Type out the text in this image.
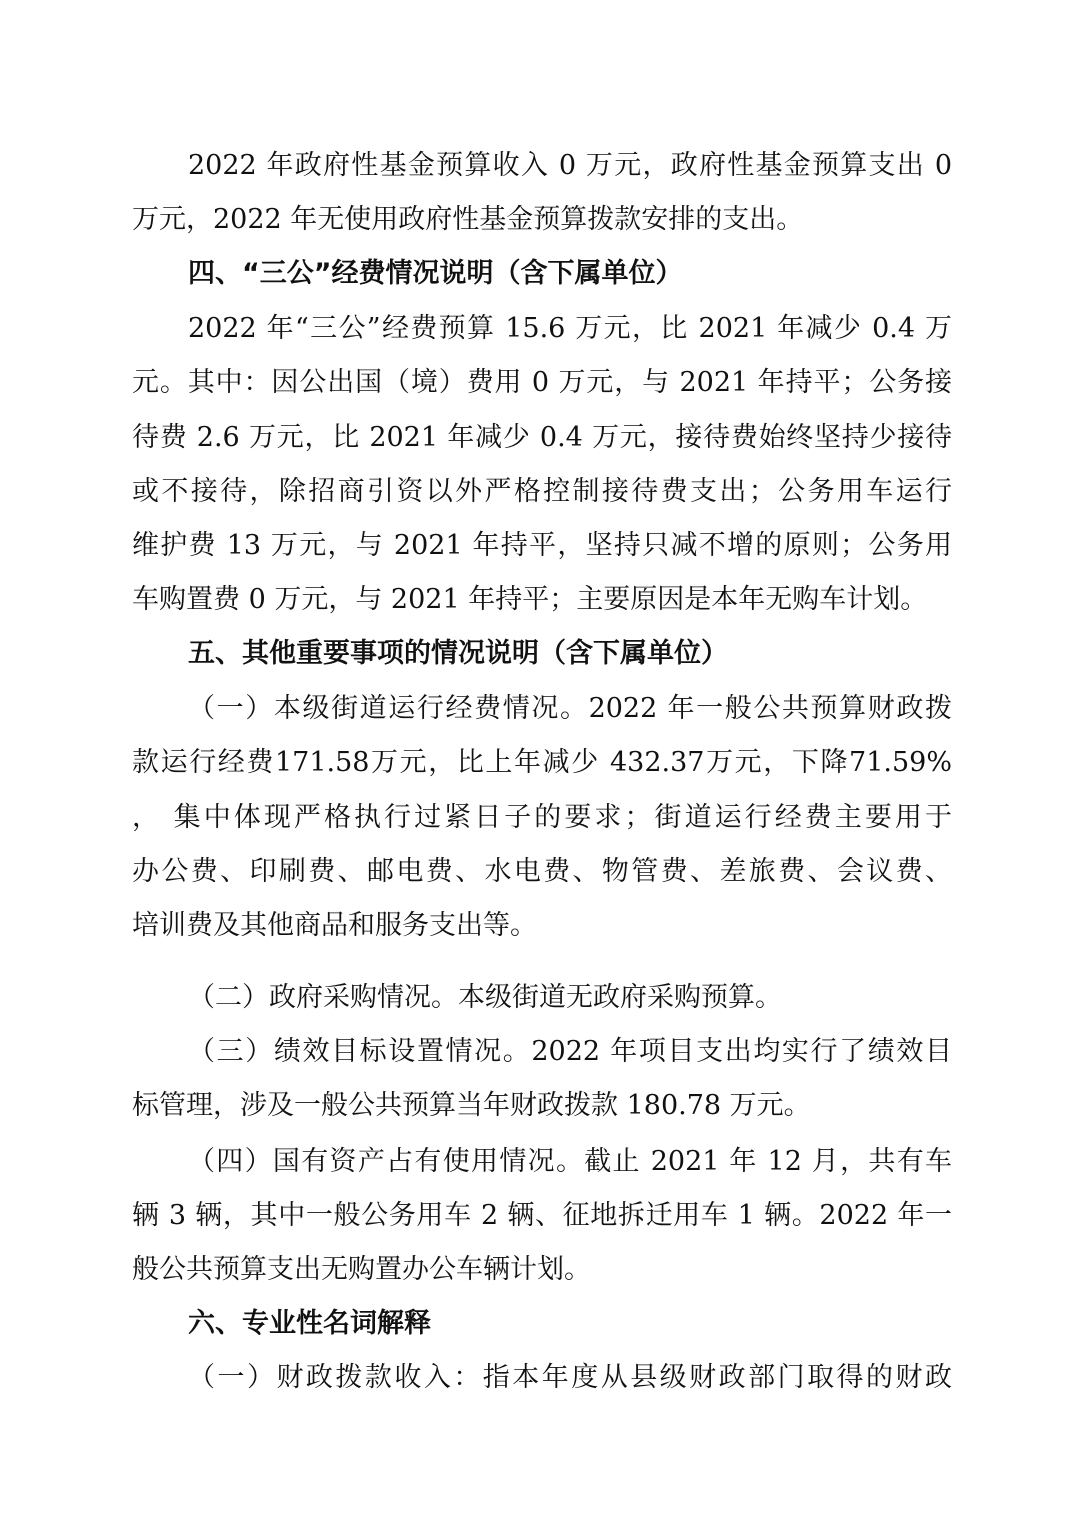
2022 年政府性基金预算收入 0 万元，政府性基金预算支出 0
万元，2022 年无使用政府性基金预算拨款安排的支出。
四、“三公”经费情况说明（含下属单位）
2022 年“三公”经费预算 15.6 万元，比 2021 年减少 0.4 万
元。其中：因公出国（境）费用 0 万元，与 2021 年持平；公务接
待费 2.6 万元，比 2021 年减少 0.4 万元，接待费始终坚持少接待
或不接待，除招商引资以外严格控制接待费支出；公务用车运行
维护费 13 万元，与 2021 年持平，坚持只减不增的原则；公务用
车购置费 0 万元，与 2021 年持平；主要原因是本年无购车计划。
五、其他重要事项的情况说明（含下属单位）
（一）本级街道运行经费情况。2022 年一般公共预算财政拨
款运行经费171.58万元，比上年减少 432.37万元，下降71.59%
， 集中体现严格执行过紧日子的要求；街道运行经费主要用于
办公费、印刷费、邮电费、水电费、物管费、差旅费、会议费、
培训费及其他商品和服务支出等。
（二）政府采购情况。本级街道无政府采购预算。
（三）绩效目标设置情况。2022 年项目支出均实行了绩效目
标管理，涉及一般公共预算当年财政拨款 180.78 万元。
（四）国有资产占有使用情况。截止 2021 年 12 月，共有车
辆 3 辆，其中一般公务用车 2 辆、征地拆迁用车 1 辆。2022 年一
般公共预算支出无购置办公车辆计划。
六、专业性名词解释
（一）财政拨款收入：指本年度从县级财政部门取得的财政
